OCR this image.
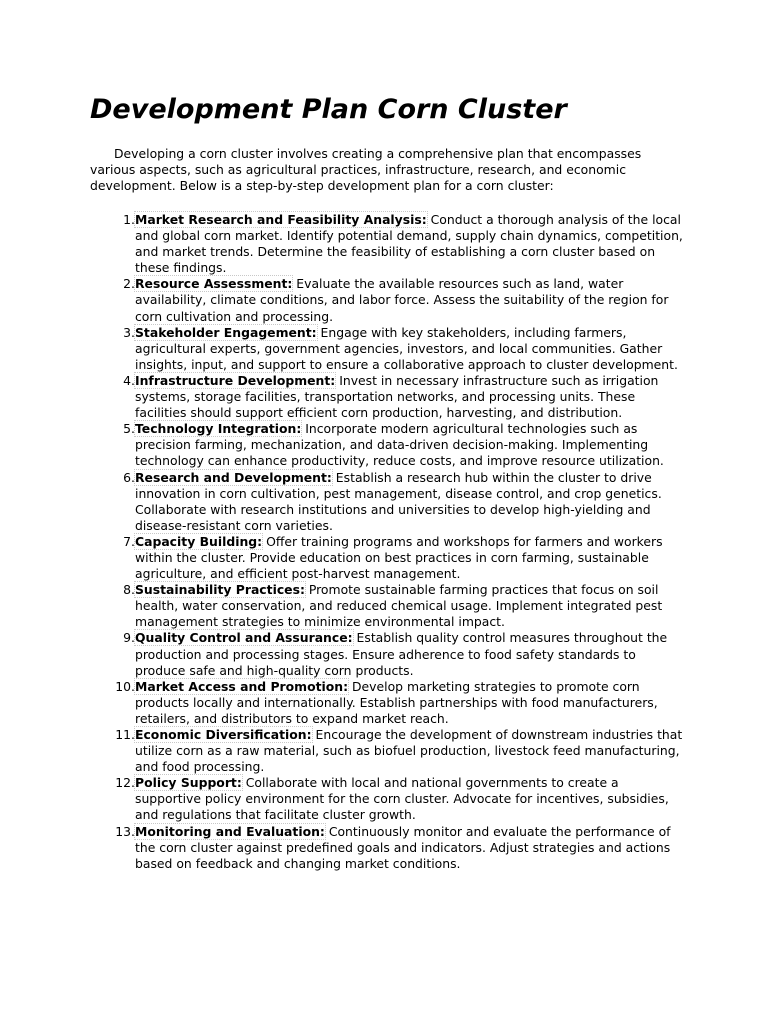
Development Plan Corn Cluster

Developing a corn cluster involves creating a comprehensive plan that encompasses various aspects, such as agricultural practices, infrastructure, research, and economic development. Below is a step-by-step development plan for a corn cluster:

1. Market Research and Feasibility Analysis: Conduct a thorough analysis of the local and global corn market. Identify potential demand, supply chain dynamics, competition, and market trends. Determine the feasibility of establishing a corn cluster based on these findings.
2. Resource Assessment: Evaluate the available resources such as land, water availability, climate conditions, and labor force. Assess the suitability of the region for corn cultivation and processing.
3. Stakeholder Engagement: Engage with key stakeholders, including farmers, agricultural experts, government agencies, investors, and local communities. Gather insights, input, and support to ensure a collaborative approach to cluster development.
4. Infrastructure Development: Invest in necessary infrastructure such as irrigation systems, storage facilities, transportation networks, and processing units. These facilities should support efficient corn production, harvesting, and distribution.
5. Technology Integration: Incorporate modern agricultural technologies such as precision farming, mechanization, and data-driven decision-making. Implementing technology can enhance productivity, reduce costs, and improve resource utilization.
6. Research and Development: Establish a research hub within the cluster to drive innovation in corn cultivation, pest management, disease control, and crop genetics. Collaborate with research institutions and universities to develop high-yielding and disease-resistant corn varieties.
7. Capacity Building: Offer training programs and workshops for farmers and workers within the cluster. Provide education on best practices in corn farming, sustainable agriculture, and efficient post-harvest management.
8. Sustainability Practices: Promote sustainable farming practices that focus on soil health, water conservation, and reduced chemical usage. Implement integrated pest management strategies to minimize environmental impact.
9. Quality Control and Assurance: Establish quality control measures throughout the production and processing stages. Ensure adherence to food safety standards to produce safe and high-quality corn products.
10. Market Access and Promotion: Develop marketing strategies to promote corn products locally and internationally. Establish partnerships with food manufacturers, retailers, and distributors to expand market reach.
11. Economic Diversification: Encourage the development of downstream industries that utilize corn as a raw material, such as biofuel production, livestock feed manufacturing, and food processing.
12. Policy Support: Collaborate with local and national governments to create a supportive policy environment for the corn cluster. Advocate for incentives, subsidies, and regulations that facilitate cluster growth.
13. Monitoring and Evaluation: Continuously monitor and evaluate the performance of the corn cluster against predefined goals and indicators. Adjust strategies and actions based on feedback and changing market conditions.
